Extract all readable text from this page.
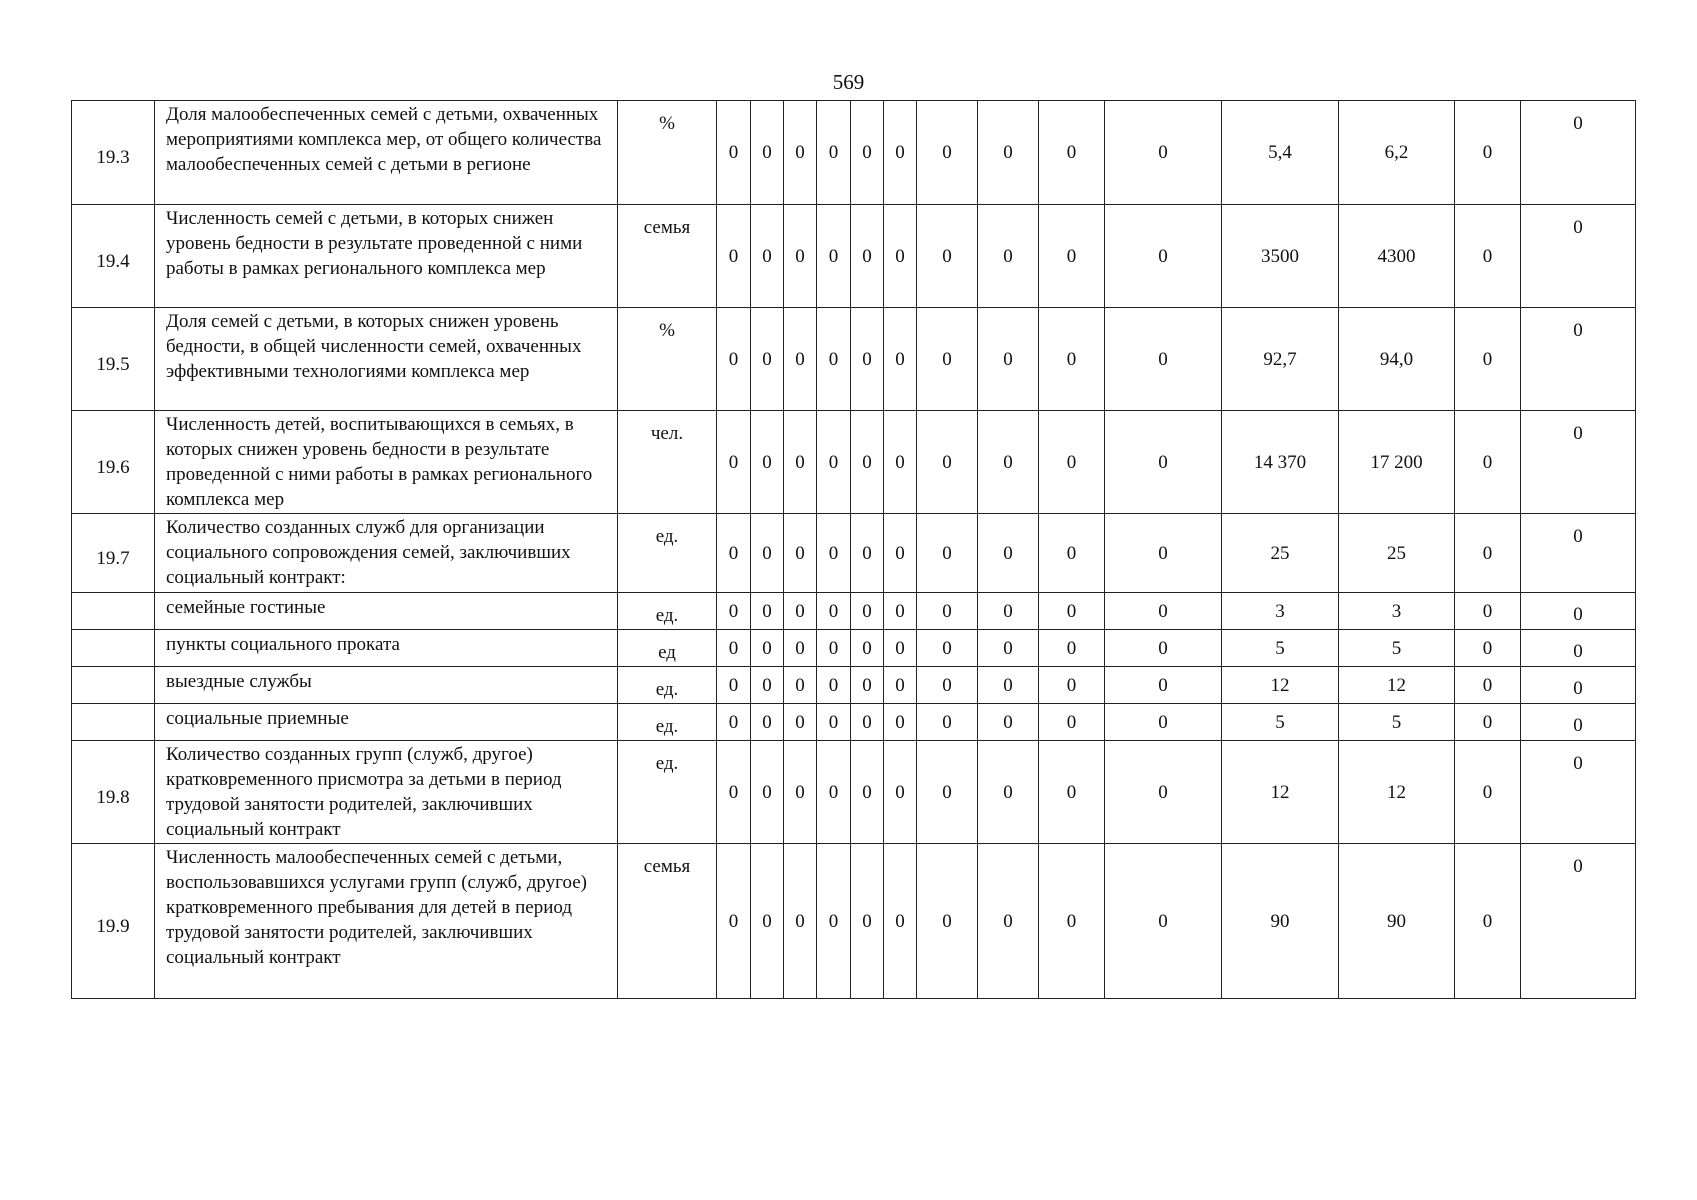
569
19.3	Доля малообеспеченных семей с детьми, охваченных мероприятиями комплекса мер, от общего количества малообеспеченных семей с детьми в регионе	%	0	0	0	0	0	0	0	0	0	0	5,4	6,2	0	0
19.4	Численность семей с детьми, в которых снижен уровень бедности в результате проведенной с ними работы в рамках регионального комплекса мер	семья	0	0	0	0	0	0	0	0	0	0	3500	4300	0	0
19.5	Доля семей с детьми, в которых снижен уровень бедности, в общей численности семей, охваченных эффективными технологиями комплекса мер	%	0	0	0	0	0	0	0	0	0	0	92,7	94,0	0	0
19.6	Численность детей, воспитывающихся в семьях, в которых снижен уровень бедности в результате проведенной с ними работы в рамках регионального комплекса мер	чел.	0	0	0	0	0	0	0	0	0	0	14 370	17 200	0	0
19.7	Количество созданных служб для организации социального сопровождения семей, заключивших социальный контракт:	ед.	0	0	0	0	0	0	0	0	0	0	25	25	0	0
	семейные гостиные	ед.	0	0	0	0	0	0	0	0	0	0	3	3	0	0
	пункты социального проката	ед	0	0	0	0	0	0	0	0	0	0	5	5	0	0
	выездные службы	ед.	0	0	0	0	0	0	0	0	0	0	12	12	0	0
	социальные приемные	ед.	0	0	0	0	0	0	0	0	0	0	5	5	0	0
19.8	Количество созданных групп (служб, другое) кратковременного присмотра за детьми в период трудовой занятости родителей, заключивших социальный контракт	ед.	0	0	0	0	0	0	0	0	0	0	12	12	0	0
19.9	Численность малообеспеченных семей с детьми, воспользовавшихся услугами групп (служб, другое) кратковременного пребывания для детей в период трудовой занятости родителей, заключивших социальный контракт	семья	0	0	0	0	0	0	0	0	0	0	90	90	0	0
